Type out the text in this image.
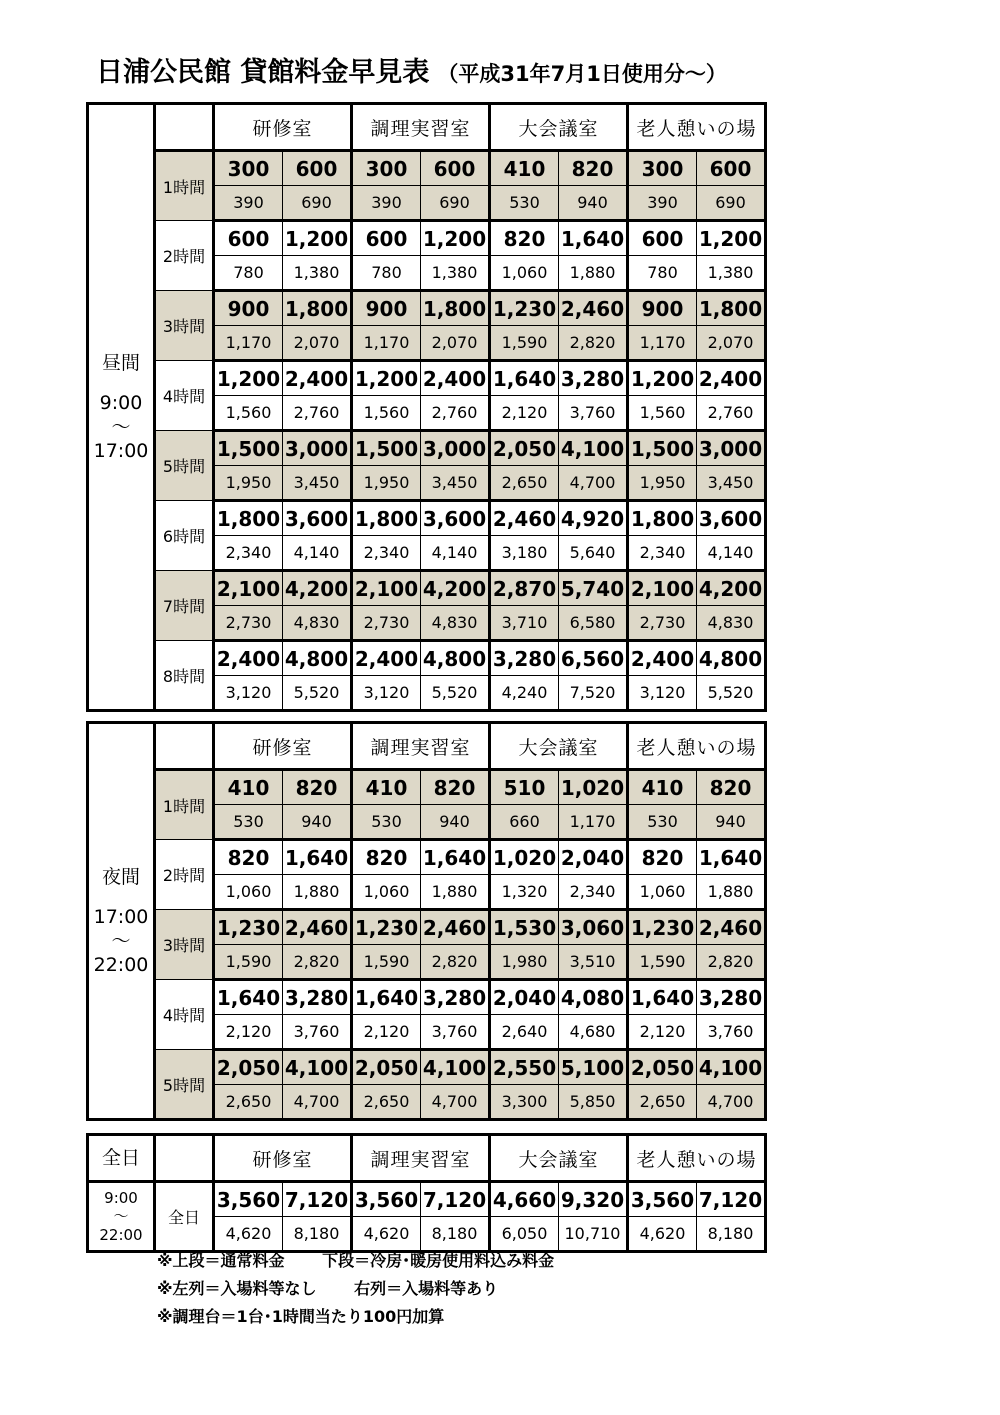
日浦公民館 貸館料金早見表 （平成31年7月1日使用分～）
昼間
9:00
～
17:00		研修室		調理実習室		大会議室		老人憩いの場	
	1時間	300	600	300	600	410	820	300	600
		390	690	390	690	530	940	390	690
	2時間	600	1,200	600	1,200	820	1,640	600	1,200
		780	1,380	780	1,380	1,060	1,880	780	1,380
	3時間	900	1,800	900	1,800	1,230	2,460	900	1,800
		1,170	2,070	1,170	2,070	1,590	2,820	1,170	2,070
	4時間	1,200	2,400	1,200	2,400	1,640	3,280	1,200	2,400
		1,560	2,760	1,560	2,760	2,120	3,760	1,560	2,760
	5時間	1,500	3,000	1,500	3,000	2,050	4,100	1,500	3,000
		1,950	3,450	1,950	3,450	2,650	4,700	1,950	3,450
	6時間	1,800	3,600	1,800	3,600	2,460	4,920	1,800	3,600
		2,340	4,140	2,340	4,140	3,180	5,640	2,340	4,140
	7時間	2,100	4,200	2,100	4,200	2,870	5,740	2,100	4,200
		2,730	4,830	2,730	4,830	3,710	6,580	2,730	4,830
	8時間	2,400	4,800	2,400	4,800	3,280	6,560	2,400	4,800
		3,120	5,520	3,120	5,520	4,240	7,520	3,120	5,520
夜間
17:00
～
22:00		研修室		調理実習室		大会議室		老人憩いの場	
	1時間	410	820	410	820	510	1,020	410	820
		530	940	530	940	660	1,170	530	940
	2時間	820	1,640	820	1,640	1,020	2,040	820	1,640
		1,060	1,880	1,060	1,880	1,320	2,340	1,060	1,880
	3時間	1,230	2,460	1,230	2,460	1,530	3,060	1,230	2,460
		1,590	2,820	1,590	2,820	1,980	3,510	1,590	2,820
	4時間	1,640	3,280	1,640	3,280	2,040	4,080	1,640	3,280
		2,120	3,760	2,120	3,760	2,640	4,680	2,120	3,760
	5時間	2,050	4,100	2,050	4,100	2,550	5,100	2,050	4,100
		2,650	4,700	2,650	4,700	3,300	5,850	2,650	4,700
全日		研修室		調理実習室		大会議室		老人憩いの場	

9:00
～
22:00	全日	3,560	7,120	3,560	7,120	4,660	9,320	3,560	7,120
		4,620	8,180	4,620	8,180	6,050	10,710	4,620	8,180
※上段＝通常料金　　 下段＝冷房･暖房使用料込み料金
※左列＝入場料等なし　　 右列＝入場料等あり
※調理台＝1台･1時間当たり100円加算
